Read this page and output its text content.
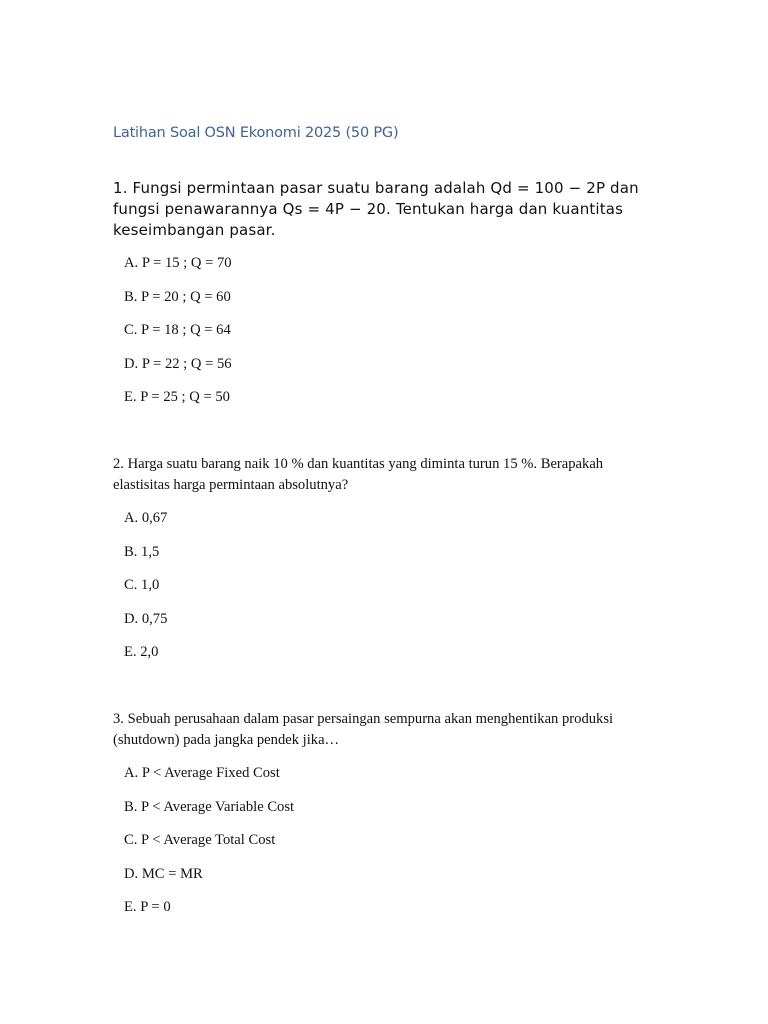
Latihan Soal OSN Ekonomi 2025 (50 PG)

1. Fungsi permintaan pasar suatu barang adalah Qd = 100 − 2P dan fungsi penawarannya Qs = 4P − 20. Tentukan harga dan kuantitas keseimbangan pasar.

A. P = 15 ; Q = 70
B. P = 20 ; Q = 60
C. P = 18 ; Q = 64
D. P = 22 ; Q = 56
E. P = 25 ; Q = 50

2. Harga suatu barang naik 10 % dan kuantitas yang diminta turun 15 %. Berapakah elastisitas harga permintaan absolutnya?

A. 0,67
B. 1,5
C. 1,0
D. 0,75
E. 2,0

3. Sebuah perusahaan dalam pasar persaingan sempurna akan menghentikan produksi (shutdown) pada jangka pendek jika…

A. P < Average Fixed Cost
B. P < Average Variable Cost
C. P < Average Total Cost
D. MC = MR
E. P = 0
